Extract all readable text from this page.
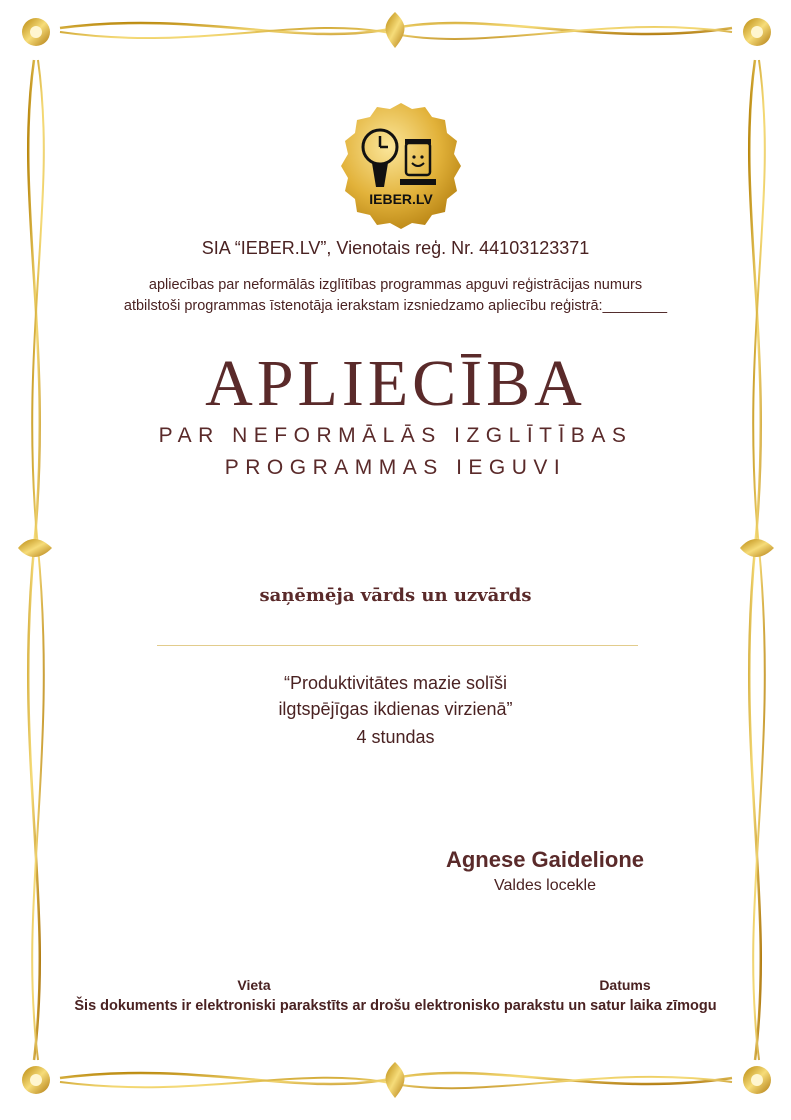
IEBER.LV
SIA “IEBER.LV”, Vienotais reģ. Nr. 44103123371
apliecības par neformālās izglītības programmas apguvi reģistrācijas numurs
atbilstoši programmas īstenotāja ierakstam izsniedzamo apliecību reģistrā:________
APLIECĪBA
PAR NEFORMĀLĀS IZGLĪTĪBAS
PROGRAMMAS IEGUVI
saņēmēja vārds un uzvārds
“Produktivitātes mazie solīši
ilgtspējīgas ikdienas virzienā”
4 stundas
Agnese Gaidelione
Valdes locekle
Vieta	Datums
Šis dokuments ir elektroniski parakstīts ar drošu elektronisko parakstu un satur laika zīmogu
